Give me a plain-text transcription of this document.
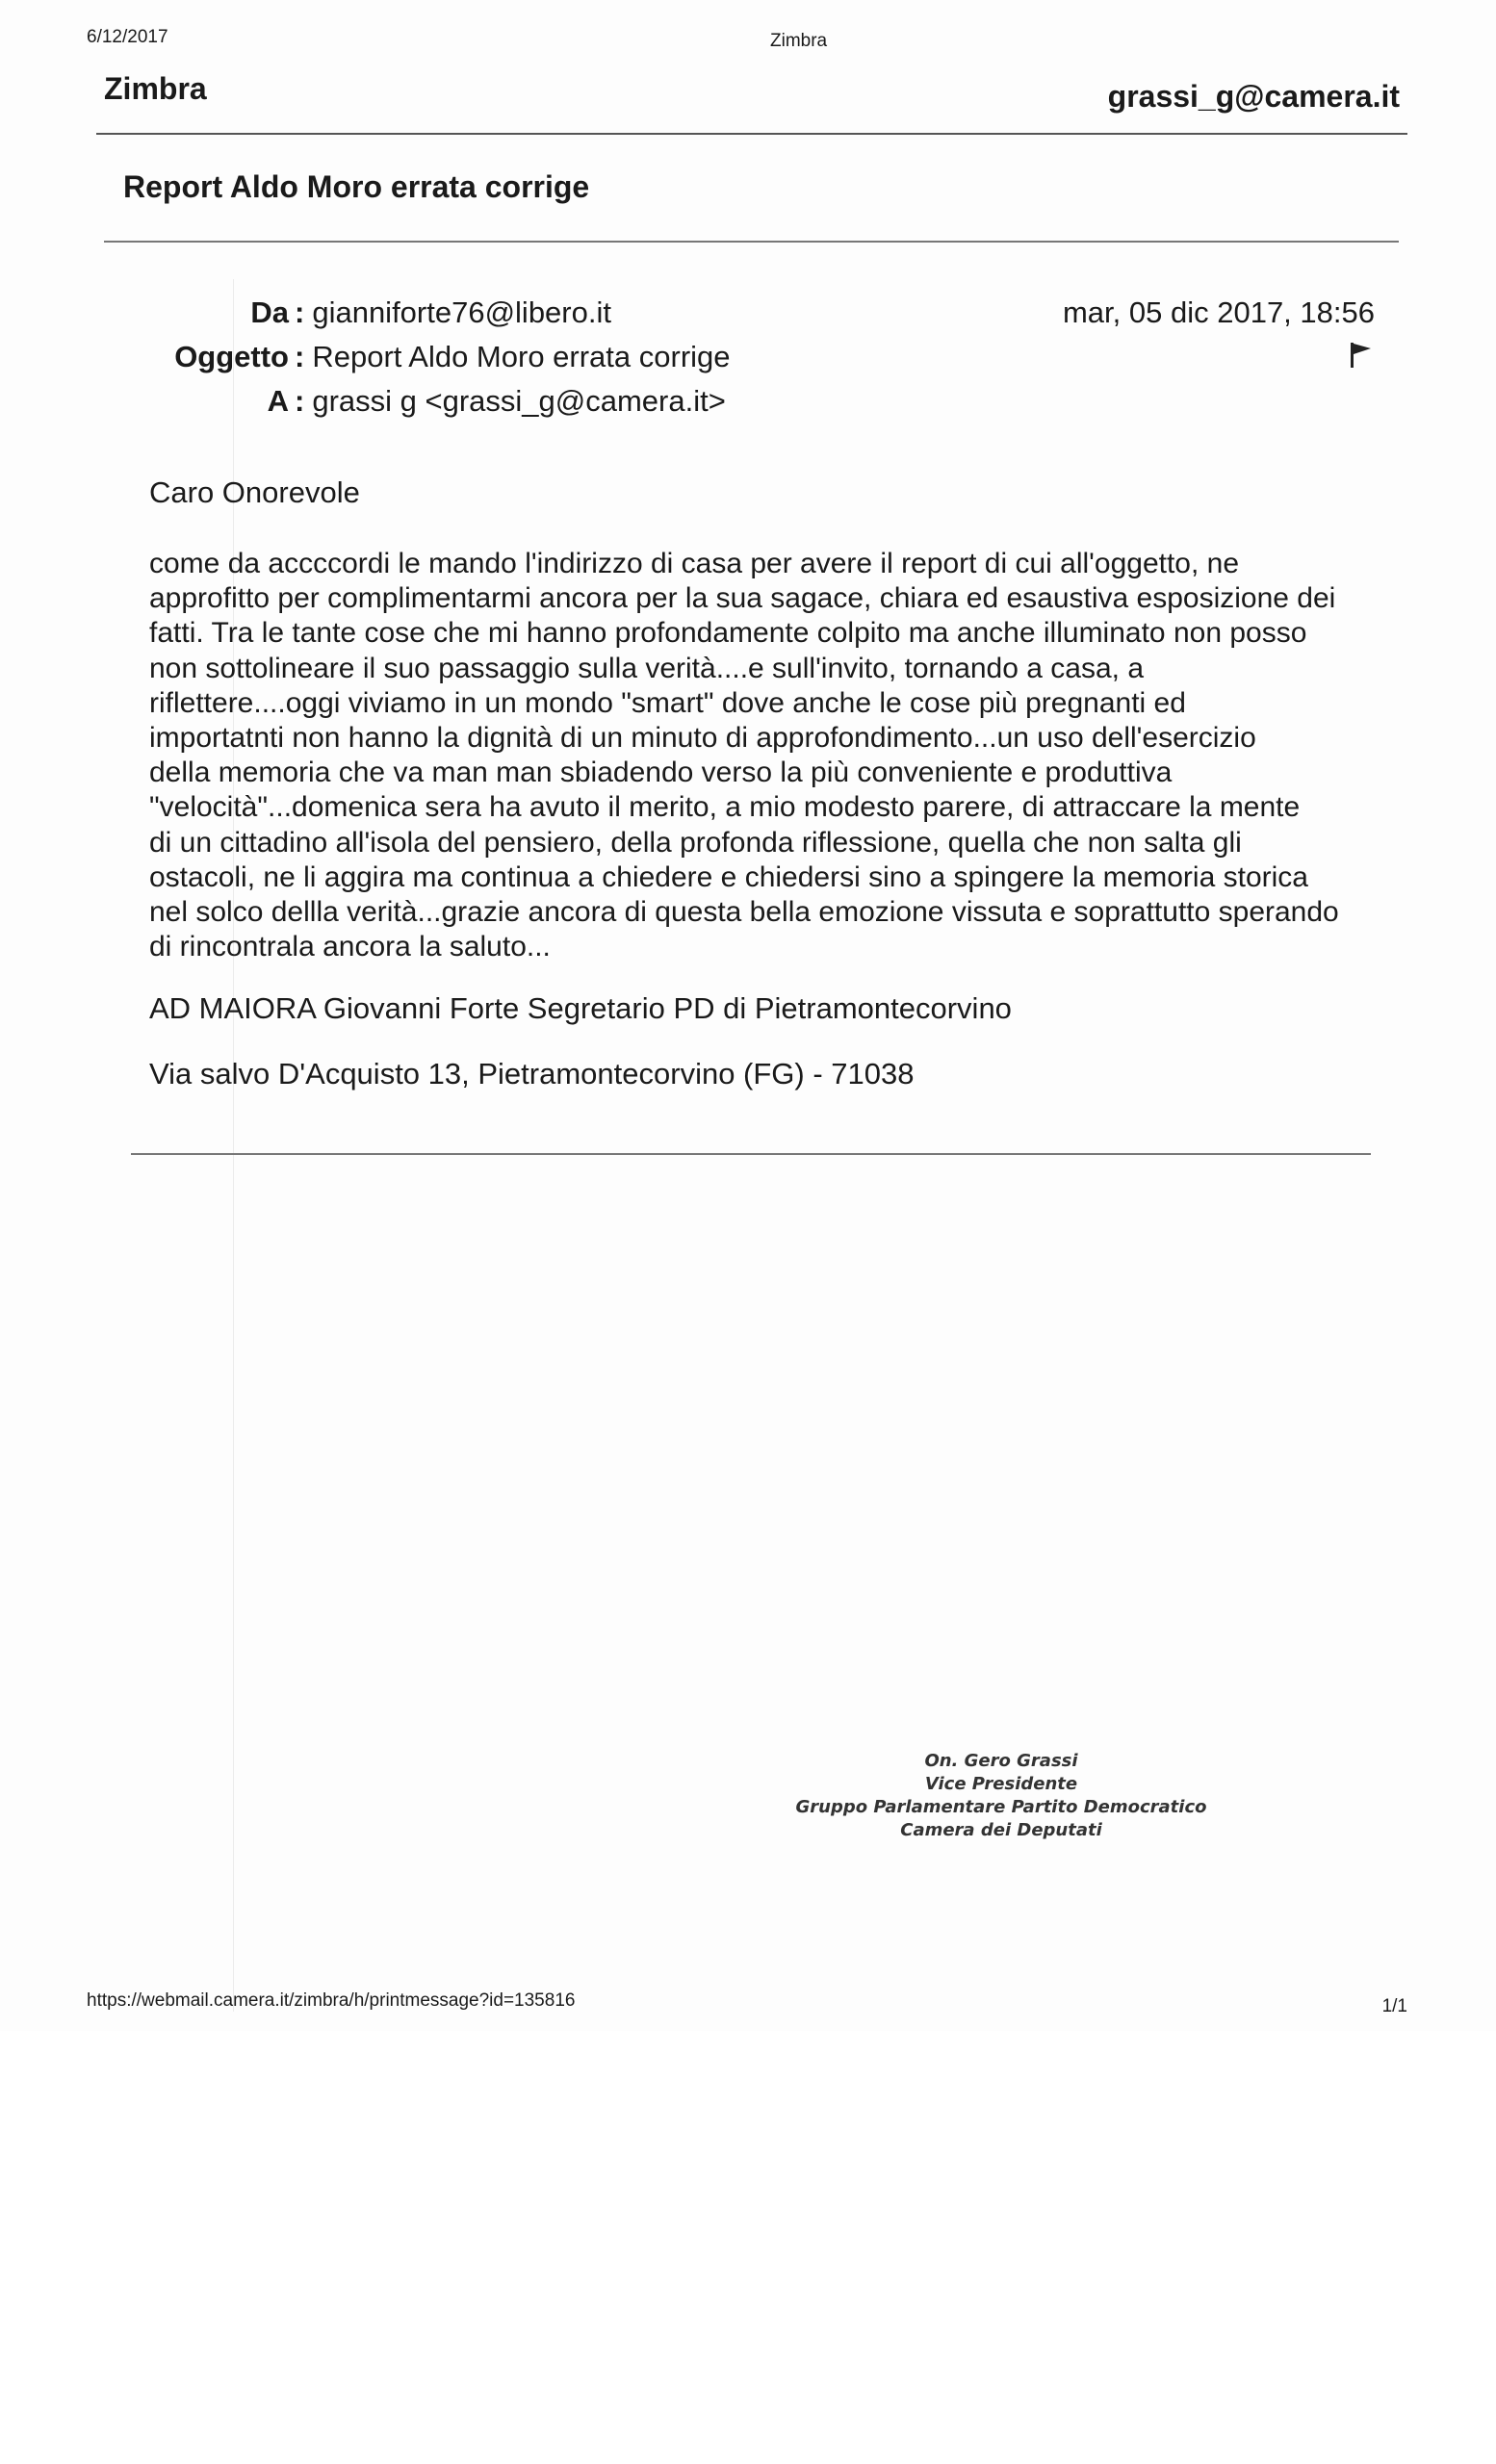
6/12/2017	Zimbra
Zimbra	grassi_g@camera.it
Report Aldo Moro errata corrige
Da : gianniforte76@libero.it
Oggetto : Report Aldo Moro errata corrige
A : grassi g <grassi_g@camera.it>
mar, 05 dic 2017, 18:56
Caro Onorevole
come da accccordi le mando l'indirizzo di casa per avere il report di cui all'oggetto, ne
approfitto per complimentarmi ancora per la sua sagace, chiara ed esaustiva esposizione dei
fatti. Tra le tante cose che mi hanno profondamente colpito ma anche illuminato non posso
non sottolineare il suo passaggio sulla verità....e sull'invito, tornando a casa, a
riflettere....oggi viviamo in un mondo "smart" dove anche le cose più pregnanti ed
importatnti non hanno la dignità di un minuto di approfondimento...un uso dell'esercizio
della memoria che va man man sbiadendo verso la più conveniente e produttiva
"velocità"...domenica sera ha avuto il merito, a mio modesto parere, di attraccare la mente
di un cittadino all'isola del pensiero, della profonda riflessione, quella che non salta gli
ostacoli, ne li aggira ma continua a chiedere e chiedersi sino a spingere la memoria storica
nel solco dellla verità...grazie ancora di questa bella emozione vissuta e soprattutto sperando
di rincontrala ancora la saluto...
AD MAIORA Giovanni Forte Segretario PD di Pietramontecorvino
Via salvo D'Acquisto 13, Pietramontecorvino (FG) - 71038
On. Gero Grassi
Vice Presidente
Gruppo Parlamentare Partito Democratico
Camera dei Deputati
https://webmail.camera.it/zimbra/h/printmessage?id=135816	1/1
